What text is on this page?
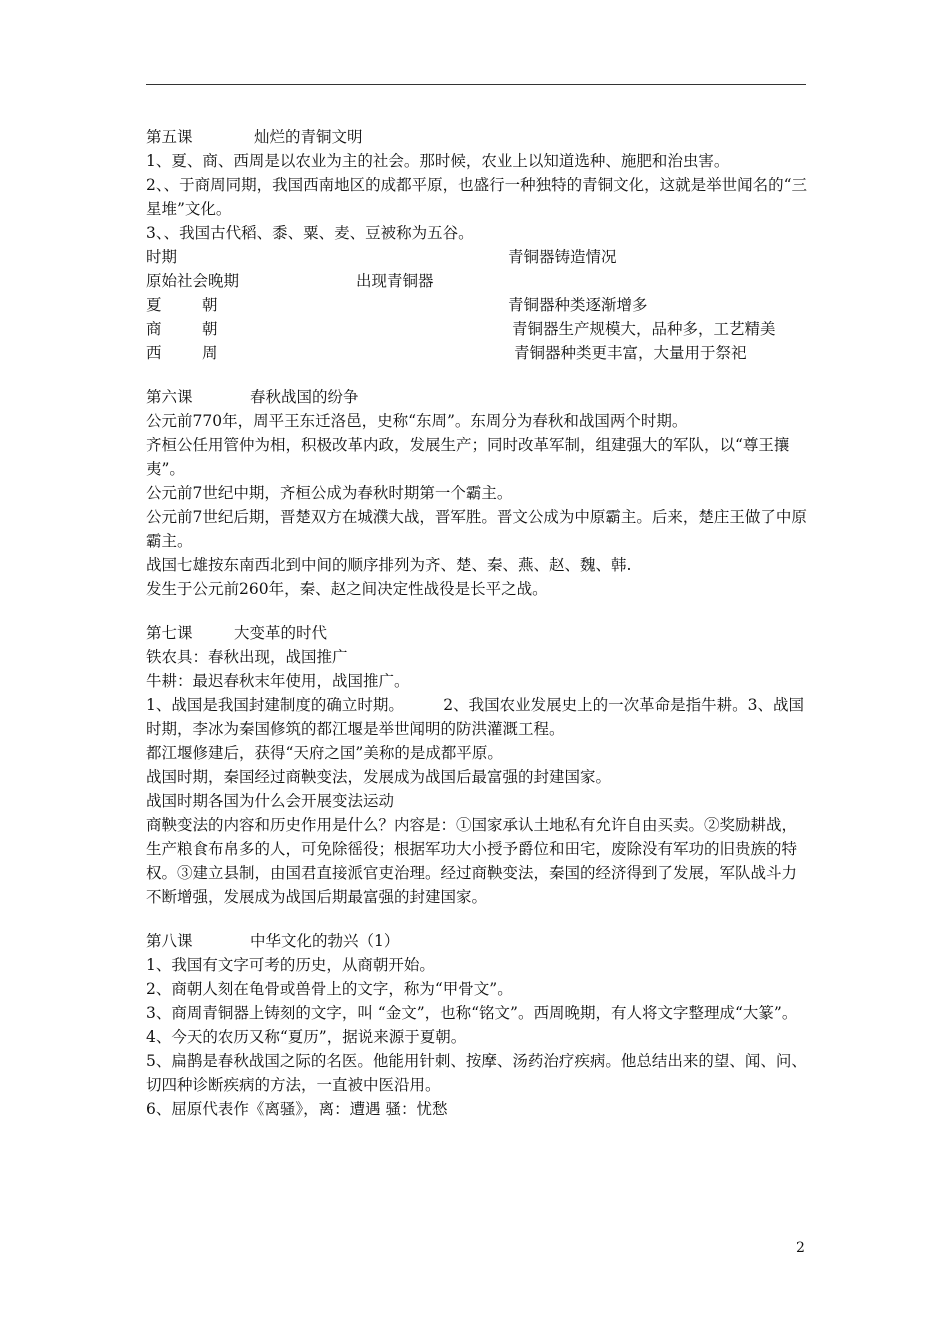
第五课	灿烂的青铜文明
1、夏、商、西周是以农业为主的社会。那时候，农业上以知道选种、施肥和治虫害。
2、、于商周同期，我国西南地区的成都平原，也盛行一种独特的青铜文化，这就是举世闻名的“三星堆”文化。
3、、我国古代稻、黍、粟、麦、豆被称为五谷。
时期	青铜器铸造情况
原始社会晚期	出现青铜器
夏	朝	青铜器种类逐渐增多
商	朝	青铜器生产规模大，品种多，工艺精美
西	周	青铜器种类更丰富，大量用于祭祀
第六课	春秋战国的纷争
公元前770年，周平王东迁洛邑，史称“东周”。东周分为春秋和战国两个时期。
齐桓公任用管仲为相，积极改革内政，发展生产；同时改革军制，组建强大的军队，以“尊王攘夷”。
公元前7世纪中期，齐桓公成为春秋时期第一个霸主。
公元前7世纪后期，晋楚双方在城濮大战，晋军胜。晋文公成为中原霸主。后来，楚庄王做了中原霸主。
战国七雄按东南西北到中间的顺序排列为齐、楚、秦、燕、赵、魏、韩.
发生于公元前260年，秦、赵之间决定性战役是长平之战。
第七课	大变革的时代
铁农具：春秋出现，战国推广
牛耕：最迟春秋末年使用，战国推广。
1、战国是我国封建制度的确立时期。        2、我国农业发展史上的一次革命是指牛耕。3、战国时期，李冰为秦国修筑的都江堰是举世闻明的防洪灌溉工程。
都江堰修建后，获得“天府之国”美称的是成都平原。
战国时期，秦国经过商鞅变法，发展成为战国后最富强的封建国家。
战国时期各国为什么会开展变法运动
商鞅变法的内容和历史作用是什么？内容是：①国家承认土地私有允许自由买卖。②奖励耕战，生产粮食布帛多的人，可免除徭役；根据军功大小授予爵位和田宅，废除没有军功的旧贵族的特权。③建立县制，由国君直接派官吏治理。经过商鞅变法，秦国的经济得到了发展，军队战斗力不断增强，发展成为战国后期最富强的封建国家。
第八课	中华文化的勃兴（1）
1、我国有文字可考的历史，从商朝开始。
2、商朝人刻在龟骨或兽骨上的文字，称为“甲骨文”。
3、商周青铜器上铸刻的文字，叫 “金文”，也称“铭文”。西周晚期，有人将文字整理成“大篆”。
4、今天的农历又称“夏历”，据说来源于夏朝。
5、扁鹊是春秋战国之际的名医。他能用针刺、按摩、汤药治疗疾病。他总结出来的望、闻、问、切四种诊断疾病的方法，一直被中医沿用。
6、屈原代表作《离骚》，离：遭遇 骚：忧愁
2
